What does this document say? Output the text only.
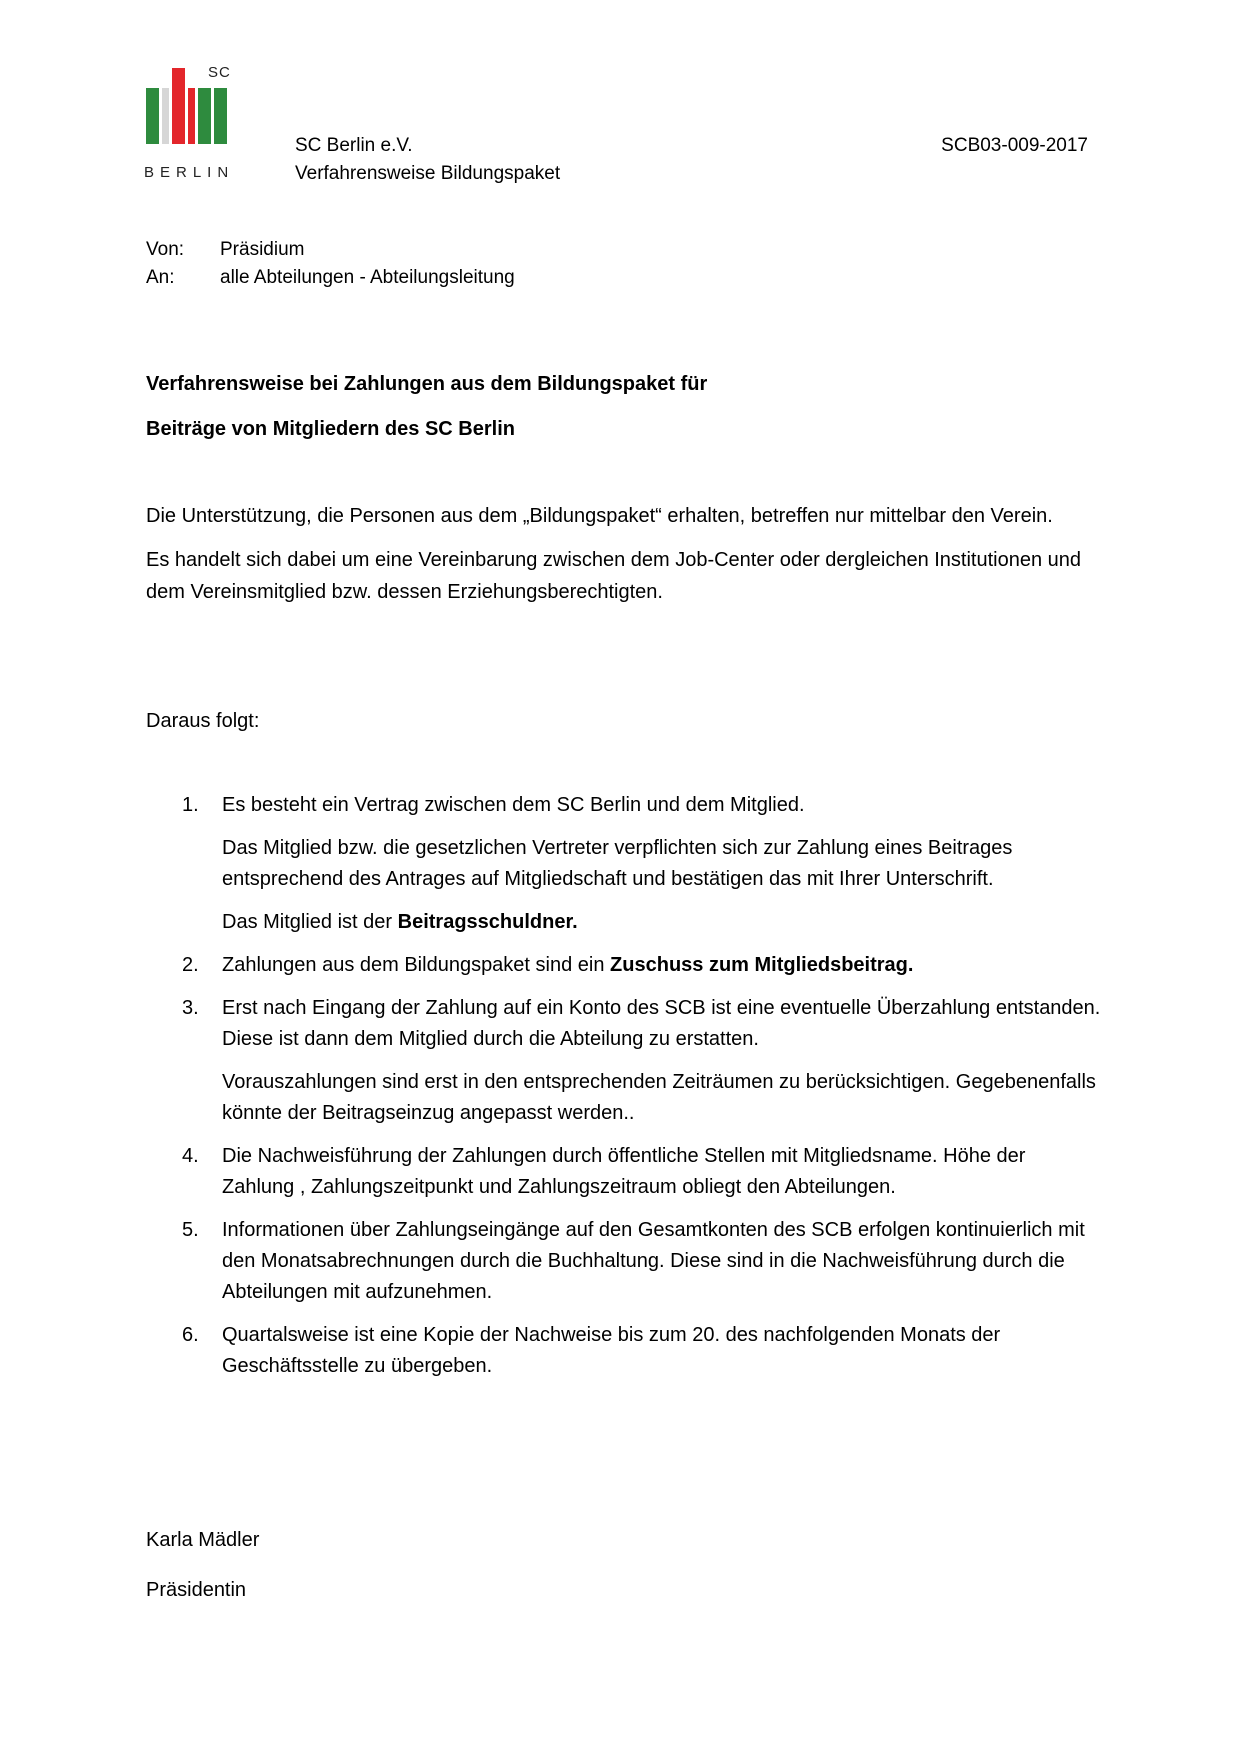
SC
BERLIN
SC Berlin e.V.
Verfahrensweise Bildungspaket
SCB03-009-2017
Von:	Präsidium
An:	alle Abteilungen - Abteilungsleitung
Verfahrensweise bei Zahlungen aus dem Bildungspaket für
Beiträge von Mitgliedern des SC Berlin

Die Unterstützung, die Personen aus dem „Bildungspaket“ erhalten, betreffen nur mittelbar den Verein.

Es handelt sich dabei um eine Vereinbarung zwischen dem Job-Center oder dergleichen Institutionen und dem Vereinsmitglied bzw. dessen Erziehungsberechtigten.

Daraus folgt:
1.	Es besteht ein Vertrag zwischen dem SC Berlin und dem Mitglied.

Das Mitglied bzw. die gesetzlichen Vertreter verpflichten sich zur Zahlung eines Beitrages entsprechend des Antrages auf Mitgliedschaft und bestätigen das mit Ihrer Unterschrift.

Das Mitglied ist der Beitragsschuldner.

2.	Zahlungen aus dem Bildungspaket sind ein Zuschuss zum Mitgliedsbeitrag.

3.	Erst nach Eingang der Zahlung auf ein Konto des SCB ist eine eventuelle Überzahlung entstanden. Diese ist dann dem Mitglied durch die Abteilung zu erstatten.

Vorauszahlungen sind erst in den entsprechenden Zeiträumen zu berücksichtigen. Gegebenenfalls könnte der Beitragseinzug angepasst werden..

4.	Die Nachweisführung der Zahlungen durch öffentliche Stellen mit Mitgliedsname. Höhe der Zahlung , Zahlungszeitpunkt und Zahlungszeitraum obliegt den Abteilungen.

5.	Informationen über Zahlungseingänge auf den Gesamtkonten des SCB erfolgen kontinuierlich mit den Monatsabrechnungen durch die Buchhaltung. Diese sind in die Nachweisführung durch die Abteilungen mit aufzunehmen.

6.	Quartalsweise ist eine Kopie der Nachweise bis zum 20. des nachfolgenden Monats der Geschäftsstelle zu übergeben.

Karla Mädler
Präsidentin
